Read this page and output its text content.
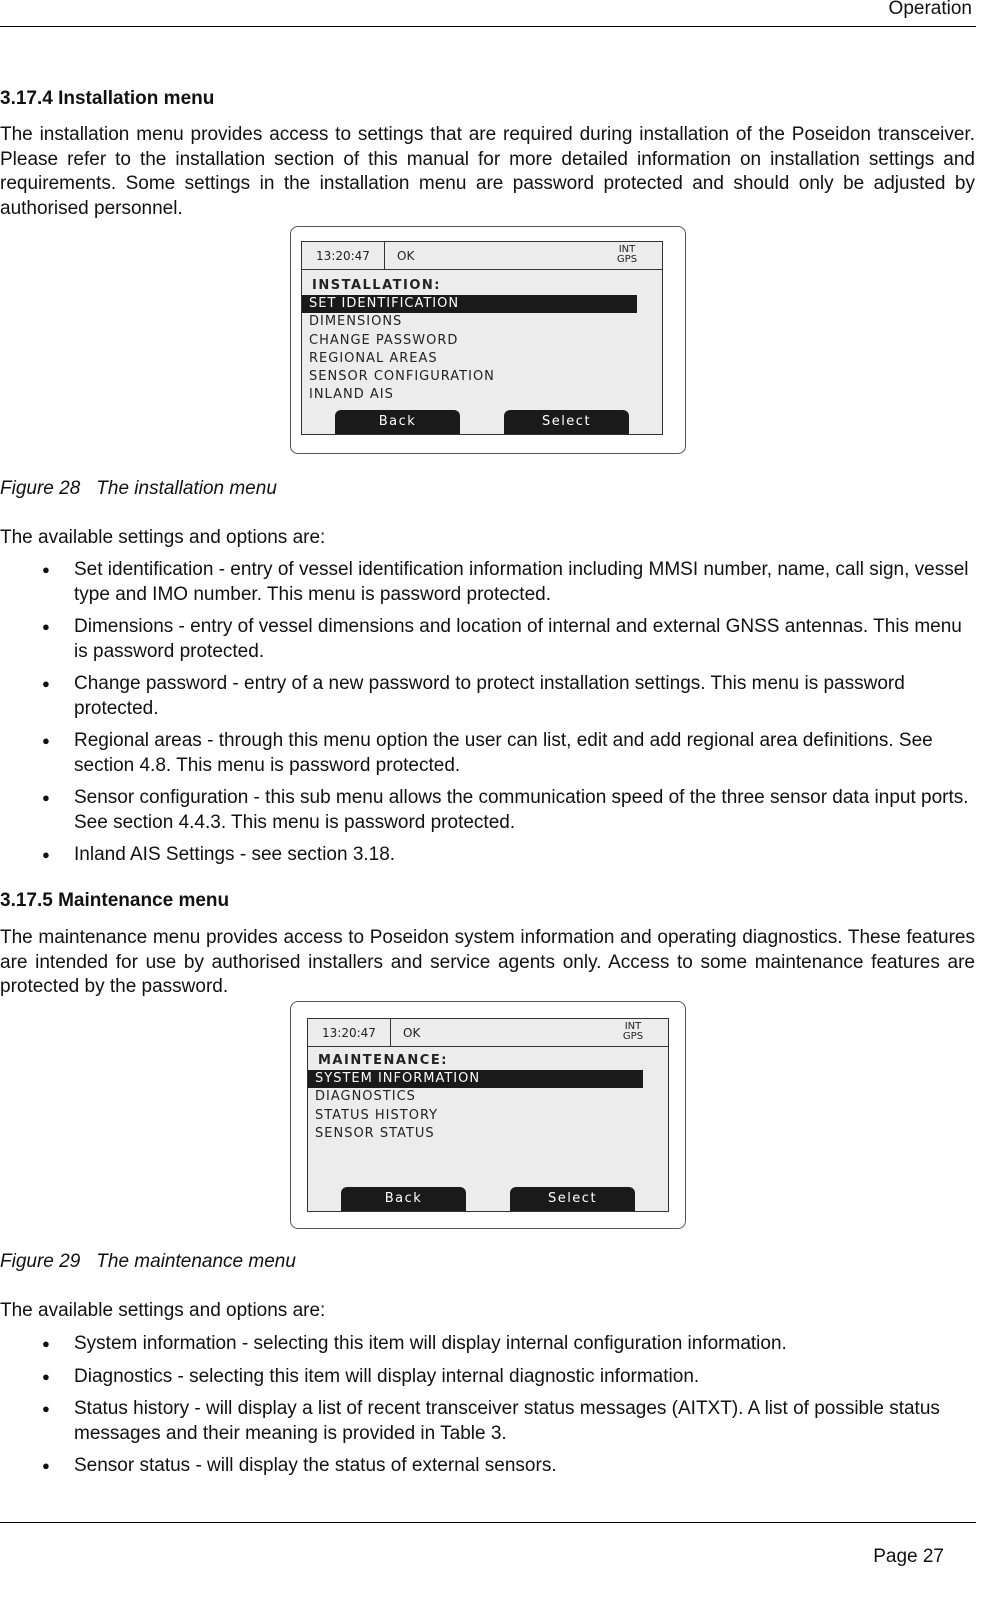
Operation
3.17.4 Installation menu
The installation menu provides access to settings that are required during installation of the Poseidon transceiver. Please refer to the installation section of this manual for more detailed information on installation settings and requirements. Some settings in the installation menu are password protected and should only be adjusted by authorised personnel.
13:20:47	OK	INT
GPS
INSTALLATION:
SET IDENTIFICATION
DIMENSIONS
CHANGE PASSWORD
REGIONAL AREAS
SENSOR CONFIGURATION
INLAND AIS
Back	Select
Figure 28 The installation menu
The available settings and options are:
● Set identification - entry of vessel identification information including MMSI number, name, call sign, vessel type and IMO number. This menu is password protected.
● Dimensions - entry of vessel dimensions and location of internal and external GNSS antennas. This menu is password protected.
● Change password - entry of a new password to protect installation settings. This menu is password protected.
● Regional areas - through this menu option the user can list, edit and add regional area definitions. See section 4.8. This menu is password protected.
● Sensor configuration - this sub menu allows the communication speed of the three sensor data input ports. See section 4.4.3. This menu is password protected.
● Inland AIS Settings - see section 3.18.
3.17.5 Maintenance menu
The maintenance menu provides access to Poseidon system information and operating diagnostics. These features are intended for use by authorised installers and service agents only. Access to some maintenance features are protected by the password.
13:20:47	OK	INT
GPS
MAINTENANCE:
SYSTEM INFORMATION
DIAGNOSTICS
STATUS HISTORY
SENSOR STATUS
Back	Select
Figure 29 The maintenance menu
The available settings and options are:
● System information - selecting this item will display internal configuration information.
● Diagnostics - selecting this item will display internal diagnostic information.
● Status history - will display a list of recent transceiver status messages (AITXT). A list of possible status messages and their meaning is provided in Table 3.
● Sensor status - will display the status of external sensors.
Page 27
